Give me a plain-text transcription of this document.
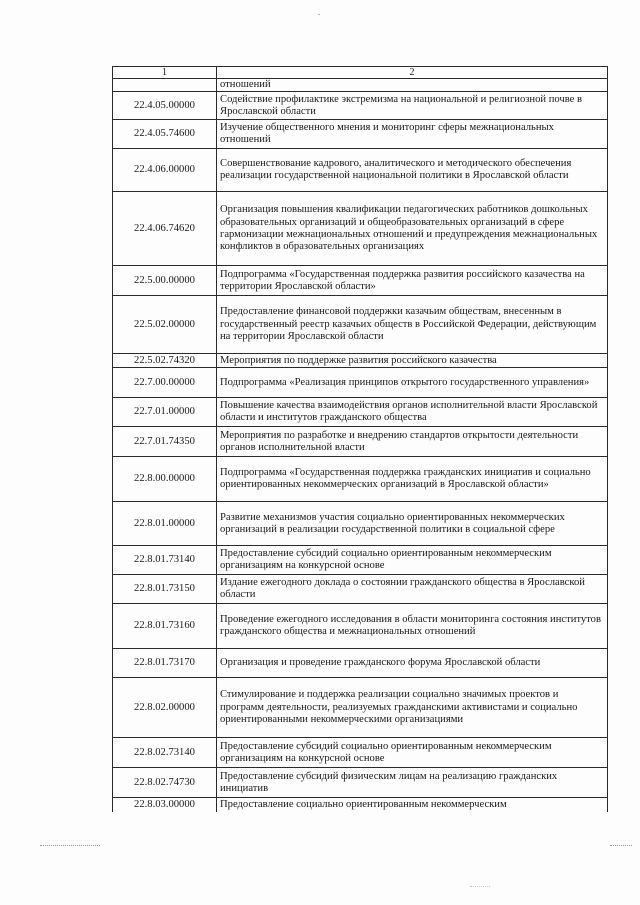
1	2
	отношений
22.4.05.00000	Содействие профилактике экстремизма на национальной и религиозной почве в Ярославской области
22.4.05.74600	Изучение общественного мнения и мониторинг сферы межнациональных отношений
22.4.06.00000	Совершенствование кадрового, аналитического и методического обеспечения реализации государственной национальной политики в Ярославской области
22.4.06.74620	Организация повышения квалификации педагогических работников дошкольных образовательных организаций и общеобразовательных организаций в сфере гармонизации межнациональных отношений и предупреждения межнациональных конфликтов в образовательных организациях
22.5.00.00000	Подпрограмма «Государственная поддержка развития российского казачества на территории Ярославской области»
22.5.02.00000	Предоставление финансовой поддержки казачьим обществам, внесенным в государственный реестр казачьих обществ в Российской Федерации, действующим на территории Ярославской области
22.5.02.74320	Мероприятия по поддержке развития российского казачества
22.7.00.00000	Подпрограмма «Реализация принципов открытого государственного управления»
22.7.01.00000	Повышение качества взаимодействия органов исполнительной власти Ярославской области и институтов гражданского общества
22.7.01.74350	Мероприятия по разработке и внедрению стандартов открытости деятельности органов исполнительной власти
22.8.00.00000	Подпрограмма «Государственная поддержка гражданских инициатив и социально ориентированных некоммерческих организаций в Ярославской области»
22.8.01.00000	Развитие механизмов участия социально ориентированных некоммерческих организаций в реализации государственной политики в социальной сфере
22.8.01.73140	Предоставление субсидий социально ориентированным некоммерческим организациям на конкурсной основе
22.8.01.73150	Издание ежегодного доклада о состоянии гражданского общества в Ярославской области
22.8.01.73160	Проведение ежегодного исследования в области мониторинга состояния институтов гражданского общества и межнациональных отношений
22.8.01.73170	Организация и проведение гражданского форума Ярославской области
22.8.02.00000	Стимулирование и поддержка реализации социально значимых проектов и программ деятельности, реализуемых гражданскими активистами и социально ориентированными некоммерческими организациями
22.8.02.73140	Предоставление субсидий социально ориентированным некоммерческим организациям на конкурсной основе
22.8.02.74730	Предоставление субсидий физическим лицам на реализацию гражданских инициатив
22.8.03.00000	Предоставление социально ориентированным некоммерческим
